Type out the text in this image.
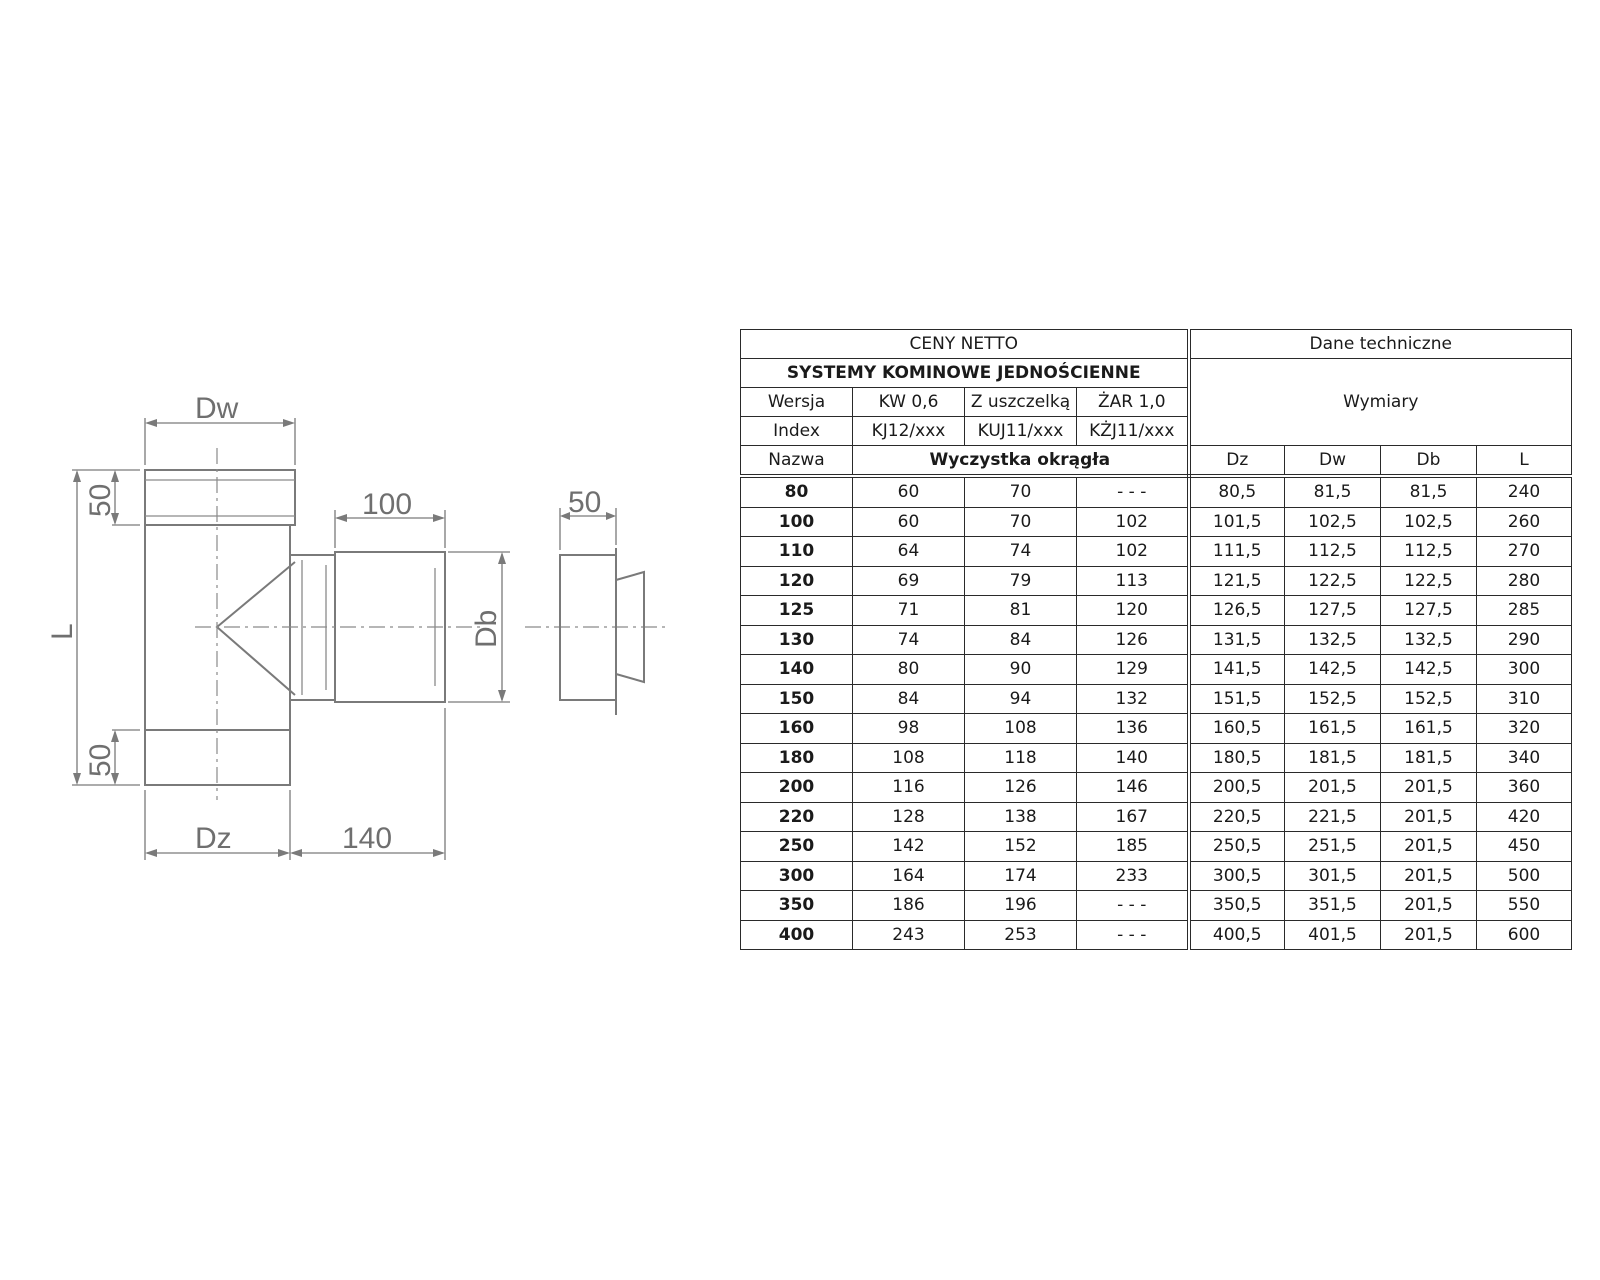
Dw
L
50
50
100
Db
50
Dz	140
CENY NETTO				Dane techniczne			
SYSTEMY KOMINOWE JEDNOŚCIENNE				Wymiary			
Wersja	KW 0,6	Z uszczelką	ŻAR 1,0				
Index	KJ12/xxx	KUJ11/xxx	KŻJ11/xxx				
Nazwa	Wyczystka okrągła			Dz	Dw	Db	L
80	60	70	- - -	80,5	81,5	81,5	240
100	60	70	102	101,5	102,5	102,5	260
110	64	74	102	111,5	112,5	112,5	270
120	69	79	113	121,5	122,5	122,5	280
125	71	81	120	126,5	127,5	127,5	285
130	74	84	126	131,5	132,5	132,5	290
140	80	90	129	141,5	142,5	142,5	300
150	84	94	132	151,5	152,5	152,5	310
160	98	108	136	160,5	161,5	161,5	320
180	108	118	140	180,5	181,5	181,5	340
200	116	126	146	200,5	201,5	201,5	360
220	128	138	167	220,5	221,5	201,5	420
250	142	152	185	250,5	251,5	201,5	450
300	164	174	233	300,5	301,5	201,5	500
350	186	196	- - -	350,5	351,5	201,5	550
400	243	253	- - -	400,5	401,5	201,5	600
